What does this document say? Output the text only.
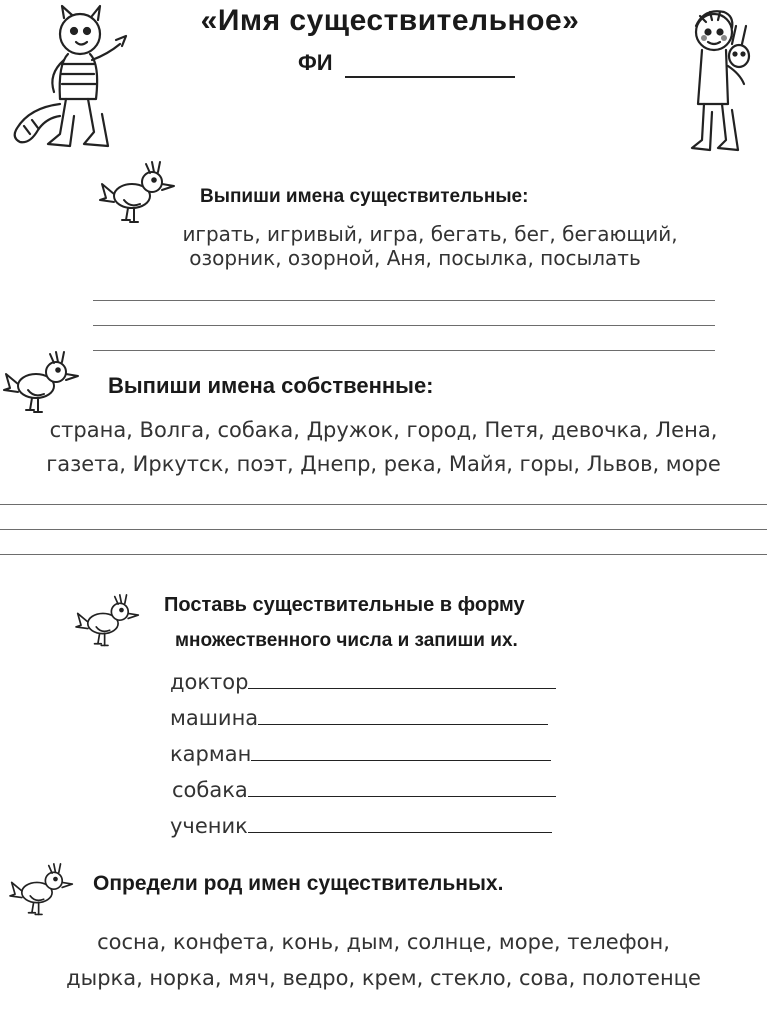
«Имя существительное»
ФИ
Выпиши имена существительные:
играть, игривый, игра, бегать, бег, бегающий,
озорник, озорной, Аня, посылка, посылать
Выпиши имена собственные:
страна, Волга, собака, Дружок, город, Петя, девочка, Лена,
газета, Иркутск, поэт, Днепр, река, Майя, горы, Львов, море
Поставь существительные в форму
множественного числа и запиши их.
доктор
машина
карман
собака
ученик
Определи род имен существительных.
сосна, конфета, конь, дым, солнце, море, телефон,
дырка, норка, мяч, ведро, крем, стекло, сова, полотенце
